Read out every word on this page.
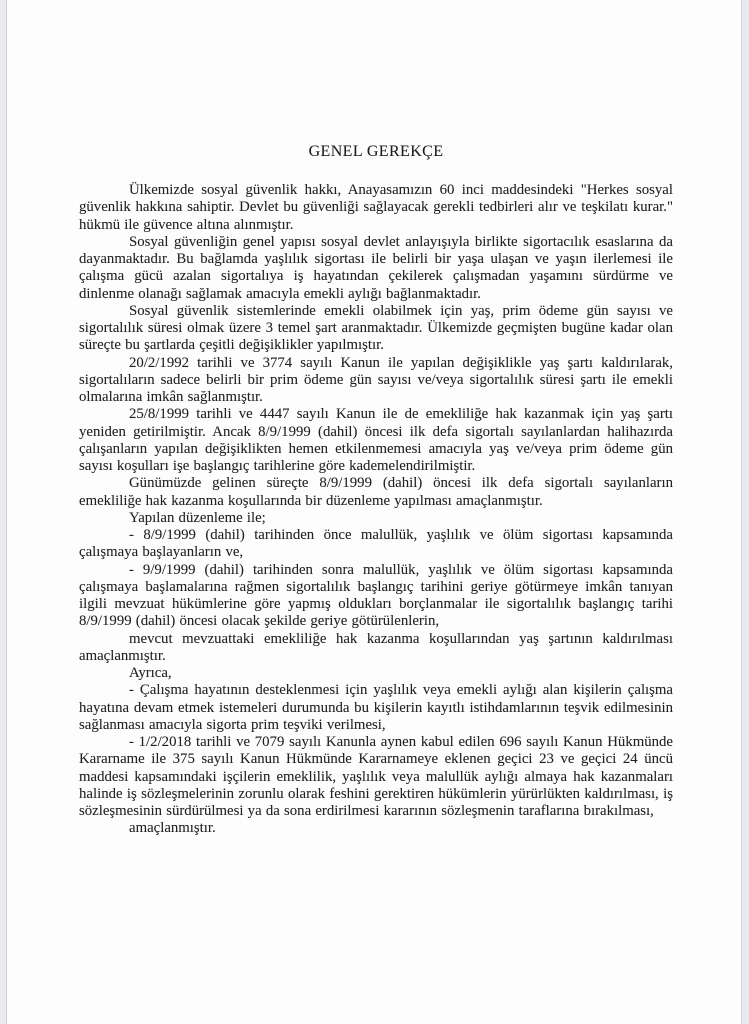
GENEL GEREKÇE

Ülkemizde sosyal güvenlik hakkı, Anayasamızın 60 inci maddesindeki "Herkes sosyal güvenlik hakkına sahiptir. Devlet bu güvenliği sağlayacak gerekli tedbirleri alır ve teşkilatı kurar." hükmü ile güvence altına alınmıştır.

Sosyal güvenliğin genel yapısı sosyal devlet anlayışıyla birlikte sigortacılık esaslarına da dayanmaktadır. Bu bağlamda yaşlılık sigortası ile belirli bir yaşa ulaşan ve yaşın ilerlemesi ile çalışma gücü azalan sigortalıya iş hayatından çekilerek çalışmadan yaşamını sürdürme ve dinlenme olanağı sağlamak amacıyla emekli aylığı bağlanmaktadır.

Sosyal güvenlik sistemlerinde emekli olabilmek için yaş, prim ödeme gün sayısı ve sigortalılık süresi olmak üzere 3 temel şart aranmaktadır. Ülkemizde geçmişten bugüne kadar olan süreçte bu şartlarda çeşitli değişiklikler yapılmıştır.

20/2/1992 tarihli ve 3774 sayılı Kanun ile yapılan değişiklikle yaş şartı kaldırılarak, sigortalıların sadece belirli bir prim ödeme gün sayısı ve/veya sigortalılık süresi şartı ile emekli olmalarına imkân sağlanmıştır.

25/8/1999 tarihli ve 4447 sayılı Kanun ile de emekliliğe hak kazanmak için yaş şartı yeniden getirilmiştir. Ancak 8/9/1999 (dahil) öncesi ilk defa sigortalı sayılanlardan halihazırda çalışanların yapılan değişiklikten hemen etkilenmemesi amacıyla yaş ve/veya prim ödeme gün sayısı koşulları işe başlangıç tarihlerine göre kademelendirilmiştir.

Günümüzde gelinen süreçte 8/9/1999 (dahil) öncesi ilk defa sigortalı sayılanların emekliliğe hak kazanma koşullarında bir düzenleme yapılması amaçlanmıştır.

Yapılan düzenleme ile;

- 8/9/1999 (dahil) tarihinden önce malullük, yaşlılık ve ölüm sigortası kapsamında çalışmaya başlayanların ve,

- 9/9/1999 (dahil) tarihinden sonra malullük, yaşlılık ve ölüm sigortası kapsamında çalışmaya başlamalarına rağmen sigortalılık başlangıç tarihini geriye götürmeye imkân tanıyan ilgili mevzuat hükümlerine göre yapmış oldukları borçlanmalar ile sigortalılık başlangıç tarihi 8/9/1999 (dahil) öncesi olacak şekilde geriye götürülenlerin,

mevcut mevzuattaki emekliliğe hak kazanma koşullarından yaş şartının kaldırılması amaçlanmıştır.

Ayrıca,

- Çalışma hayatının desteklenmesi için yaşlılık veya emekli aylığı alan kişilerin çalışma hayatına devam etmek istemeleri durumunda bu kişilerin kayıtlı istihdamlarının teşvik edilmesinin sağlanması amacıyla sigorta prim teşviki verilmesi,

- 1/2/2018 tarihli ve 7079 sayılı Kanunla aynen kabul edilen 696 sayılı Kanun Hükmünde Kararname ile 375 sayılı Kanun Hükmünde Kararnameye eklenen geçici 23 ve geçici 24 üncü maddesi kapsamındaki işçilerin emeklilik, yaşlılık veya malullük aylığı almaya hak kazanmaları halinde iş sözleşmelerinin zorunlu olarak feshini gerektiren hükümlerin yürürlükten kaldırılması, iş sözleşmesinin sürdürülmesi ya da sona erdirilmesi kararının sözleşmenin taraflarına bırakılması,

amaçlanmıştır.
